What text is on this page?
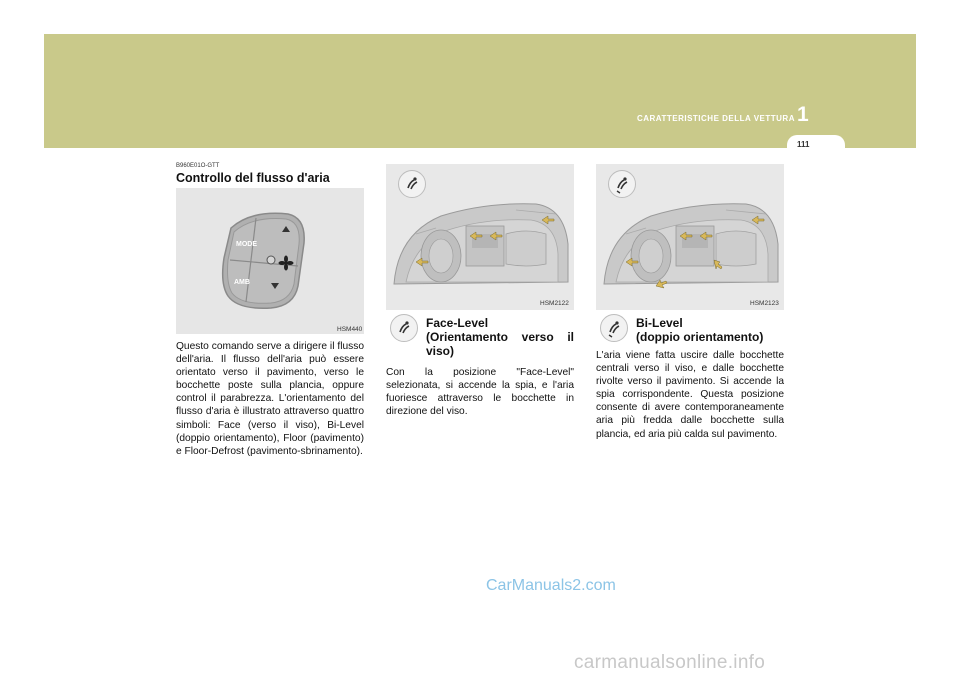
CARATTERISTICHE DELLA VETTURA 1
111
B960E01O-GTT
Controllo del flusso d'aria
MODE
AMB
HSM440
Questo comando serve a dirigere il flusso dell'aria. Il flusso dell'aria può essere orientato verso il pavimento, verso le bocchette poste sulla plancia, oppure control il parabrezza. L'orientamento del flusso d'aria è illustrato attraverso quattro simboli: Face (verso il viso), Bi-Level (doppio orientamento), Floor (pavimento) e Floor-Defrost (pavimento-sbrinamento).
HSM2122
Face-Level
(Orientamento verso il
viso)
Con la posizione "Face-Level" selezionata, si accende la spia, e l'aria fuoriesce attraverso le bocchette in direzione del viso.
HSM2123
Bi-Level
(doppio orientamento)
L'aria viene fatta uscire dalle bocchette centrali verso il viso, e dalle bocchette rivolte verso il pavimento. Si accende la spia corrispondente. Questa posizione consente di avere contemporaneamente aria più fredda dalle bocchette sulla plancia, ed aria più calda sul pavimento.
CarManuals2.com
carmanualsonline.info
